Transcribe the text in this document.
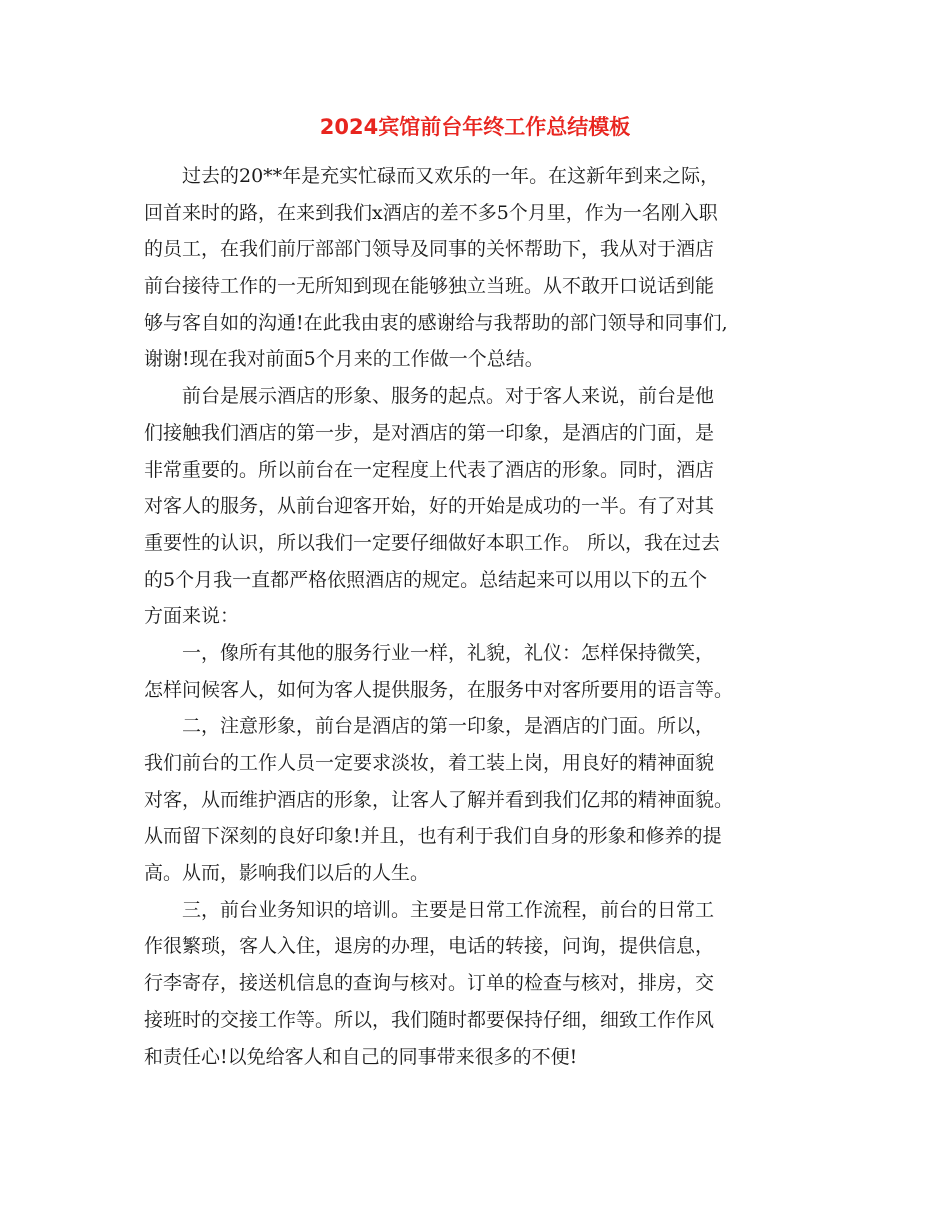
2024宾馆前台年终工作总结模板
过去的20**年是充实忙碌而又欢乐的一年。在这新年到来之际，
回首来时的路，在来到我们x酒店的差不多5个月里，作为一名刚入职
的员工，在我们前厅部部门领导及同事的关怀帮助下，我从对于酒店
前台接待工作的一无所知到现在能够独立当班。从不敢开口说话到能
够与客自如的沟通!在此我由衷的感谢给与我帮助的部门领导和同事们,
谢谢!现在我对前面5个月来的工作做一个总结。
前台是展示酒店的形象、服务的起点。对于客人来说，前台是他
们接触我们酒店的第一步，是对酒店的第一印象，是酒店的门面，是
非常重要的。所以前台在一定程度上代表了酒店的形象。同时，酒店
对客人的服务，从前台迎客开始，好的开始是成功的一半。有了对其
重要性的认识，所以我们一定要仔细做好本职工作。 所以，我在过去
的5个月我一直都严格依照酒店的规定。总结起来可以用以下的五个
方面来说：
一，像所有其他的服务行业一样，礼貌，礼仪：怎样保持微笑，
怎样问候客人，如何为客人提供服务，在服务中对客所要用的语言等。
二，注意形象，前台是酒店的第一印象，是酒店的门面。所以，
我们前台的工作人员一定要求淡妆，着工装上岗，用良好的精神面貌
对客，从而维护酒店的形象，让客人了解并看到我们亿邦的精神面貌。
从而留下深刻的良好印象!并且，也有利于我们自身的形象和修养的提
高。从而，影响我们以后的人生。
三，前台业务知识的培训。主要是日常工作流程，前台的日常工
作很繁琐，客人入住，退房的办理，电话的转接，问询，提供信息，
行李寄存，接送机信息的查询与核对。订单的检查与核对，排房，交
接班时的交接工作等。所以，我们随时都要保持仔细，细致工作作风
和责任心!以免给客人和自己的同事带来很多的不便!
